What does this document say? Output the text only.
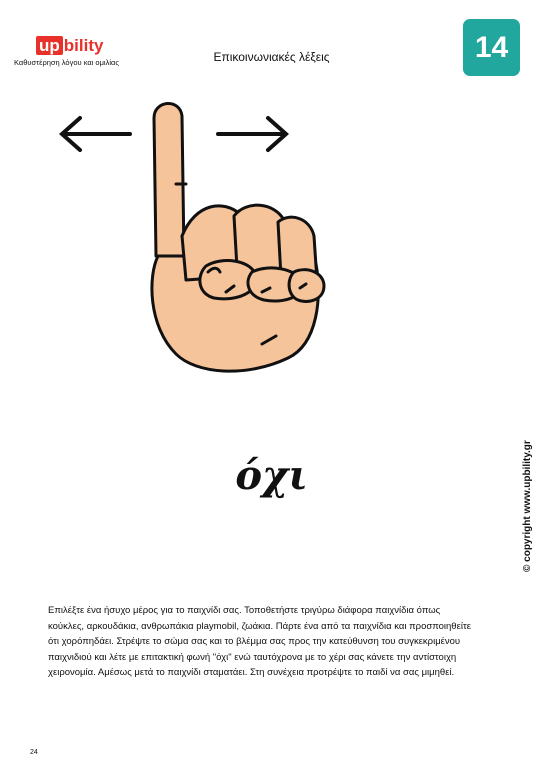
up bility
Καθυστέρηση λόγου και ομιλίας	Επικοινωνιακές λέξεις	14
όχι	© copyright www.upbility.gr
Επιλέξτε ένα ήσυχο μέρος για το παιχνίδι σας. Τοποθετήστε τριγύρω διάφορα παιχνίδια όπως κούκλες, αρκουδάκια, ανθρωπάκια playmobil, ζωάκια. Πάρτε ένα από τα παιχνίδια και προσποιηθείτε ότι χορόπηδάει. Στρέψτε το σώμα σας και το βλέμμα σας προς την κατεύθυνση του συγκεκριμένου παιχνιδιού και λέτε με επιτακτική φωνή "όχι" ενώ ταυτόχρονα με το χέρι σας κάνετε την αντίστοιχη χειρονομία. Αμέσως μετά το παιχνίδι σταματάει. Στη συνέχεια προτρέψτε το παιδί να σας μιμηθεί.
24
